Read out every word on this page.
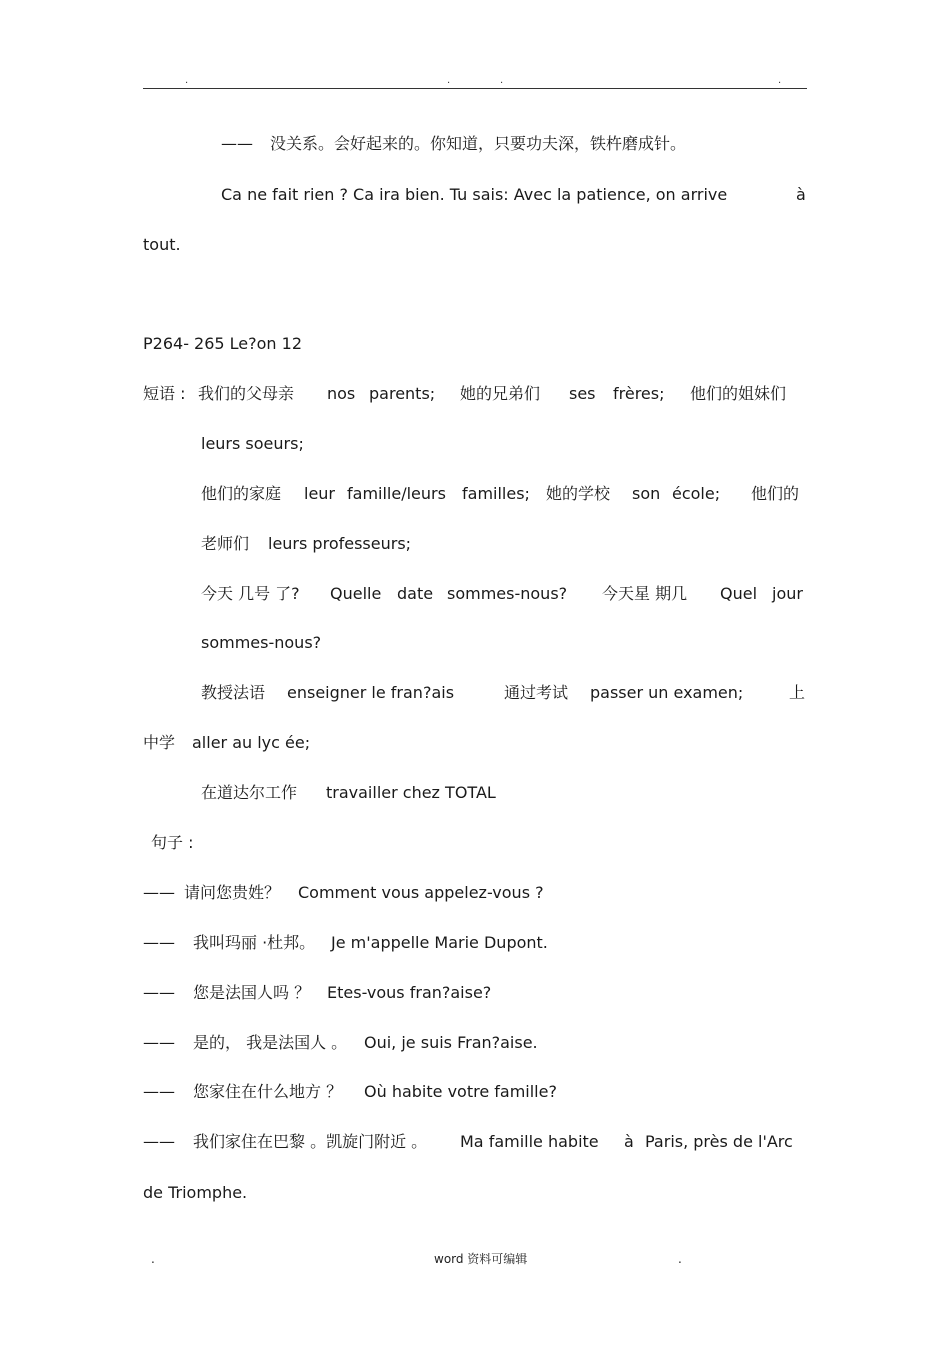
.	.	.	.
—— 没关系。会好起来的。你知道，只要功夫深，铁杵磨成针。
Ca ne fait rien ? Ca ira bien. Tu sais: Avec la patience, on arrive	à
tout.
P264- 265 Le?on 12
短语 : 我们的父母亲 nos parents; 她的兄弟们 ses frères; 他们的姐妹们
leurs soeurs;
他们的家庭 leur famille/leurs familles; 她的学校 son école; 他们的
老师们 leurs professeurs;
今天 几号 了? Quelle date sommes-nous? 今天星 期几 Quel jour
sommes-nous?
教授法语 enseigner le fran?ais	通过考试 passer un examen;	上
中学 aller au lyc ée;
在道达尔工作 travailler chez TOTAL
句子 :
—— 请问您贵姓？ Comment vous appelez-vous ?
—— 我叫玛丽 ·杜邦。 Je m'appelle Marie Dupont.
—— 您是法国人吗 ？ Etes-vous fran?aise?
—— 是的， 我是法国人 。 Oui, je suis Fran?aise.
—— 您家住在什么地方 ？ Où habite votre famille?
—— 我们家住在巴黎 。凯旋门附近 。 Ma famille habite à Paris, près de l'Arc
de Triomphe.
.	word 资料可编辑	.
